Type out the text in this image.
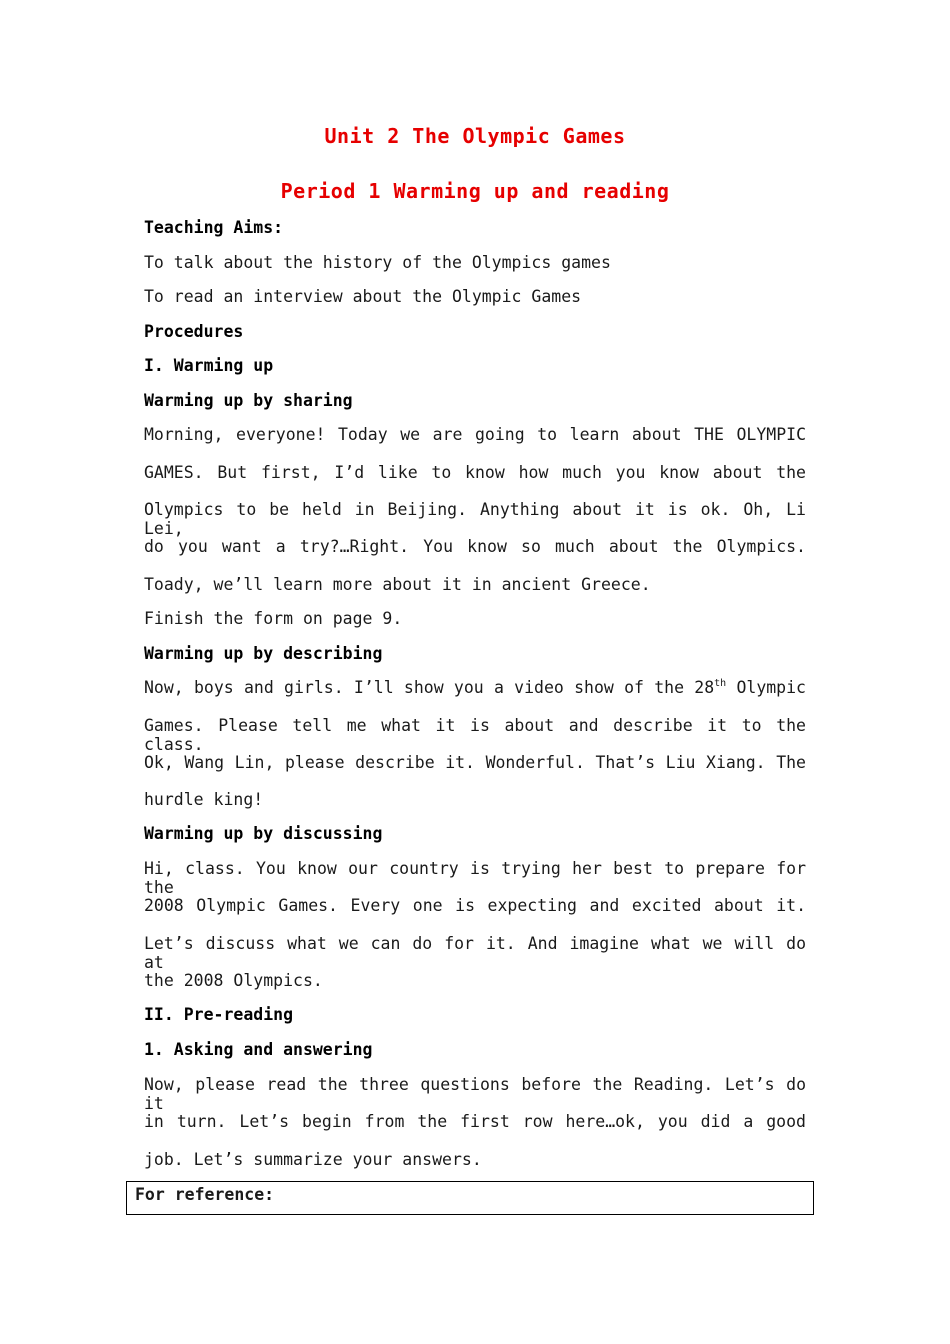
Unit 2 The Olympic Games
Period 1 Warming up and reading
Teaching Aims:
To talk about the history of the Olympics games
To read an interview about the Olympic Games
Procedures
I. Warming up
Warming up by sharing
Morning, everyone! Today we are going to learn about THE OLYMPIC
GAMES. But first, I’d like to know how much you know about the
Olympics to be held in Beijing. Anything about it is ok. Oh, Li Lei,
do you want a try?…Right. You know so much about the Olympics.
Toady, we’ll learn more about it in ancient Greece.
Finish the form on page 9.
Warming up by describing
Now, boys and girls. I’ll show you a video show of the 28th Olympic
Games. Please tell me what it is about and describe it to the class.
Ok, Wang Lin, please describe it. Wonderful. That’s Liu Xiang. The
hurdle king!
Warming up by discussing
Hi, class. You know our country is trying her best to prepare for the
2008 Olympic Games. Every one is expecting and excited about it.
Let’s discuss what we can do for it. And imagine what we will do at
the 2008 Olympics.
II. Pre-reading
1. Asking and answering
Now, please read the three questions before the Reading. Let’s do it
in turn. Let’s begin from the first row here…ok, you did a good
job. Let’s summarize your answers.
For reference:
